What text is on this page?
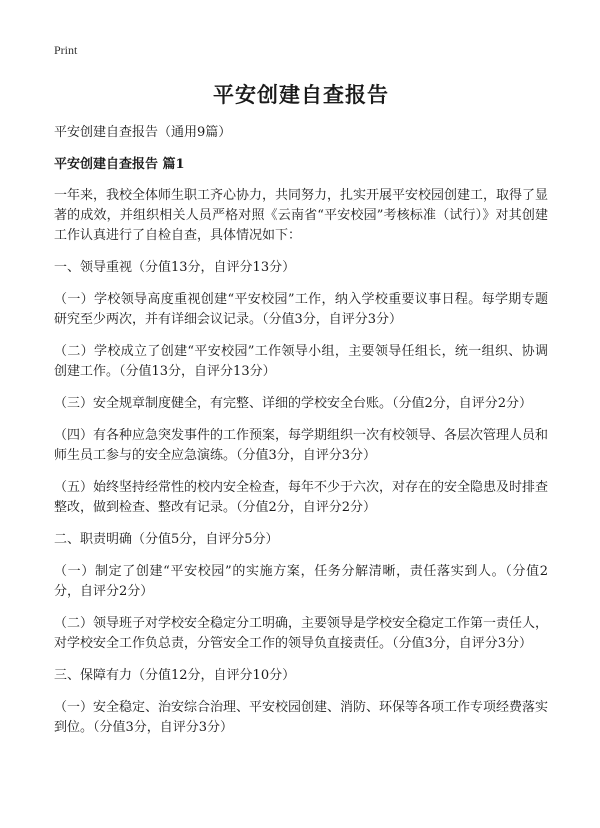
Print
平安创建自查报告
平安创建自查报告（通用9篇）
平安创建自查报告 篇1
一年来，我校全体师生职工齐心协力，共同努力，扎实开展平安校园创建工，取得了显著的成效，并组织相关人员严格对照《云南省“平安校园”考核标准（试行）》对其创建工作认真进行了自检自查，具体情况如下：
一、领导重视（分值13分，自评分13分）
（一）学校领导高度重视创建“平安校园”工作，纳入学校重要议事日程。每学期专题研究至少两次，并有详细会议记录。（分值3分，自评分3分）
（二）学校成立了创建“平安校园”工作领导小组，主要领导任组长，统一组织、协调创建工作。（分值13分，自评分13分）
（三）安全规章制度健全，有完整、详细的学校安全台账。（分值2分，自评分2分）
（四）有各种应急突发事件的工作预案，每学期组织一次有校领导、各层次管理人员和师生员工参与的安全应急演练。（分值3分，自评分3分）
（五）始终坚持经常性的校内安全检查，每年不少于六次，对存在的安全隐患及时排查整改，做到检查、整改有记录。（分值2分，自评分2分）
二、职责明确（分值5分，自评分5分）
（一）制定了创建“平安校园”的实施方案，任务分解清晰，责任落实到人。（分值2分，自评分2分）
（二）领导班子对学校安全稳定分工明确，主要领导是学校安全稳定工作第一责任人，对学校安全工作负总责，分管安全工作的领导负直接责任。（分值3分，自评分3分）
三、保障有力（分值12分，自评分10分）
（一）安全稳定、治安综合治理、平安校园创建、消防、环保等各项工作专项经费落实到位。（分值3分，自评分3分）
